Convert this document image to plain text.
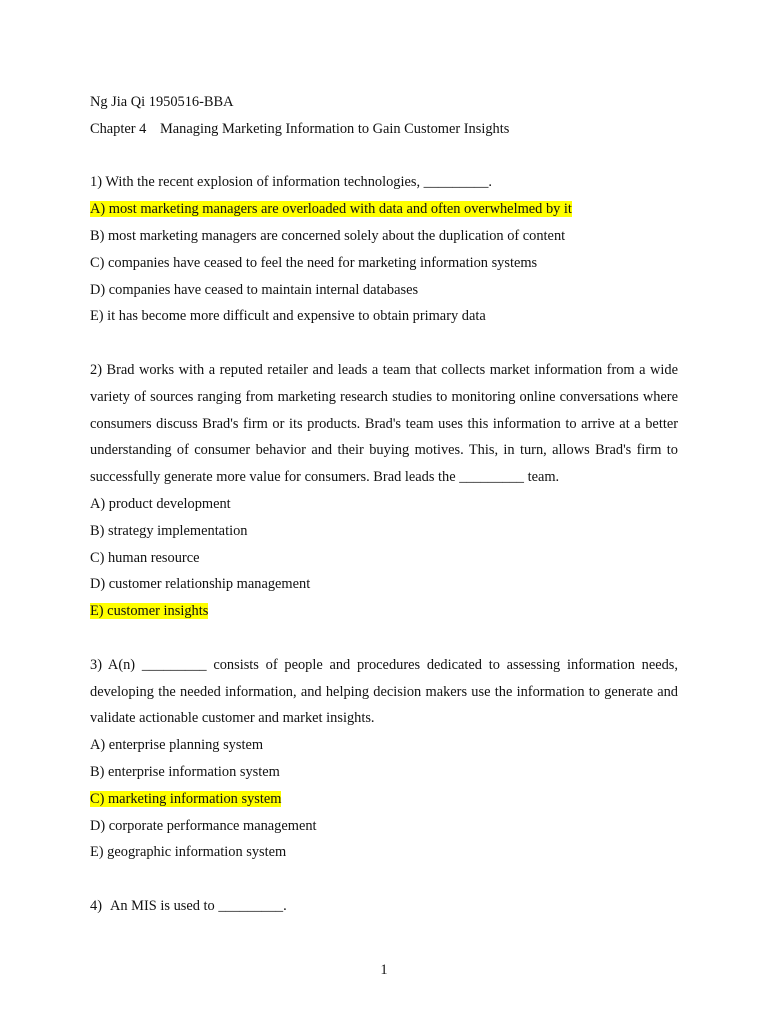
Ng Jia Qi 1950516-BBA

Chapter 4 Managing Marketing Information to Gain Customer Insights

1) With the recent explosion of information technologies, _________.

A) most marketing managers are overloaded with data and often overwhelmed by it

B) most marketing managers are concerned solely about the duplication of content

C) companies have ceased to feel the need for marketing information systems

D) companies have ceased to maintain internal databases

E) it has become more difficult and expensive to obtain primary data

2) Brad works with a reputed retailer and leads a team that collects market information from a wide variety of sources ranging from marketing research studies to monitoring online conversations where consumers discuss Brad's firm or its products. Brad's team uses this information to arrive at a better understanding of consumer behavior and their buying motives. This, in turn, allows Brad's firm to successfully generate more value for consumers. Brad leads the _________ team.

A) product development

B) strategy implementation

C) human resource

D) customer relationship management

E) customer insights

3) A(n) _________ consists of people and procedures dedicated to assessing information needs, developing the needed information, and helping decision makers use the information to generate and validate actionable customer and market insights.

A) enterprise planning system

B) enterprise information system

C) marketing information system

D) corporate performance management

E) geographic information system

4) An MIS is used to _________.

1
